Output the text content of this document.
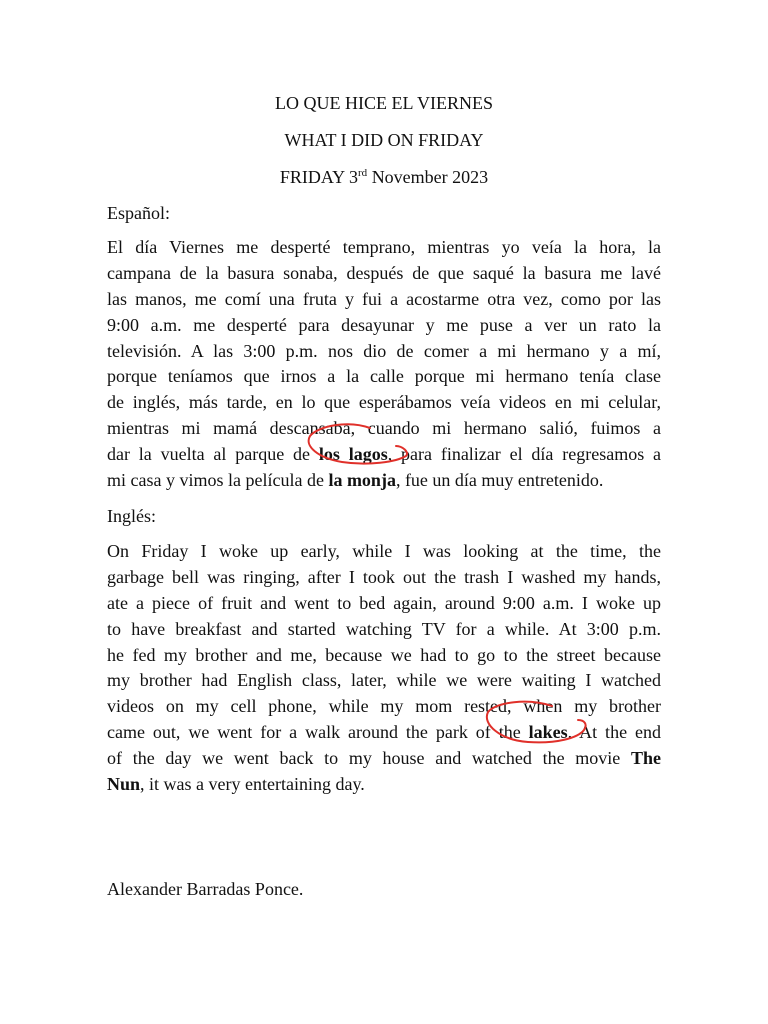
LO QUE HICE EL VIERNES
WHAT I DID ON FRIDAY
FRIDAY 3rd November 2023
Español:
El día Viernes me desperté temprano, mientras yo veía la hora, la
campana de la basura sonaba, después de que saqué la basura me lavé
las manos, me comí una fruta y fui a acostarme otra vez, como por las
9:00 a.m. me desperté para desayunar y me puse a ver un rato la
televisión. A las 3:00 p.m. nos dio de comer a mi hermano y a mí,
porque teníamos que irnos a la calle porque mi hermano tenía clase
de inglés, más tarde, en lo que esperábamos veía videos en mi celular,
mientras mi mamá descansaba, cuando mi hermano salió, fuimos a
dar la vuelta al parque de los lagos, para finalizar el día regresamos a
mi casa y vimos la película de la monja, fue un día muy entretenido.
Inglés:
On Friday I woke up early, while I was looking at the time, the
garbage bell was ringing, after I took out the trash I washed my hands,
ate a piece of fruit and went to bed again, around 9:00 a.m. I woke up
to have breakfast and started watching TV for a while. At 3:00 p.m.
he fed my brother and me, because we had to go to the street because
my brother had English class, later, while we were waiting I watched
videos on my cell phone, while my mom rested, when my brother
came out, we went for a walk around the park of the lakes. At the end
of the day we went back to my house and watched the movie The
Nun, it was a very entertaining day.
Alexander Barradas Ponce.
